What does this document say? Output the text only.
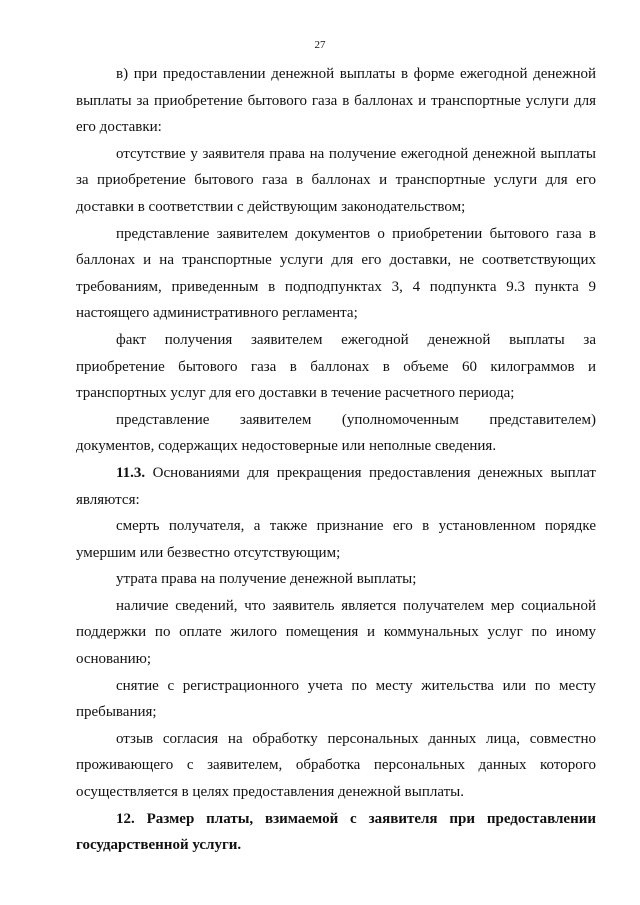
27

в) при предоставлении денежной выплаты в форме ежегодной денежной выплаты за приобретение бытового газа в баллонах и транспортные услуги для его доставки:

отсутствие у заявителя права на получение ежегодной денежной выплаты за приобретение бытового газа в баллонах и транспортные услуги для его доставки в соответствии с действующим законодательством;

представление заявителем документов о приобретении бытового газа в баллонах и на транспортные услуги для его доставки, не соответствующих требованиям, приведенным в подподпунктах 3, 4 подпункта 9.3 пункта 9 настоящего административного регламента;

факт получения заявителем ежегодной денежной выплаты за приобретение бытового газа в баллонах в объеме 60 килограммов и транспортных услуг для его доставки в течение расчетного периода;

представление заявителем (уполномоченным представителем) документов, содержащих недостоверные или неполные сведения.

11.3. Основаниями для прекращения предоставления денежных выплат являются:

смерть получателя, а также признание его в установленном порядке умершим или безвестно отсутствующим;

утрата права на получение денежной выплаты;

наличие сведений, что заявитель является получателем мер социальной поддержки по оплате жилого помещения и коммунальных услуг по иному основанию;

снятие с регистрационного учета по месту жительства или по месту пребывания;

отзыв согласия на обработку персональных данных лица, совместно проживающего с заявителем, обработка персональных данных которого осуществляется в целях предоставления денежной выплаты.

12. Размер платы, взимаемой с заявителя при предоставлении государственной услуги.
